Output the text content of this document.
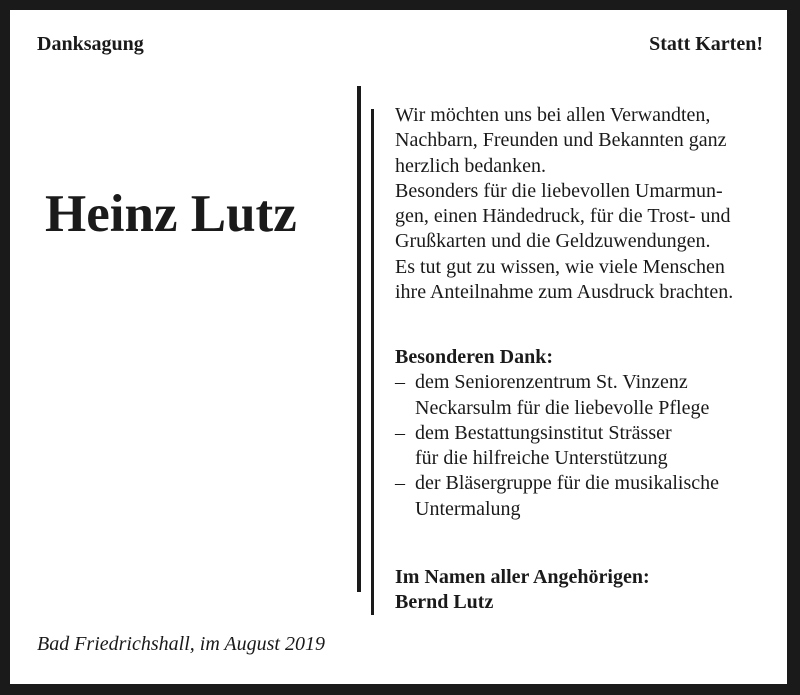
Danksagung	Statt Karten!
Heinz Lutz
Wir möchten uns bei allen Verwandten,
Nachbarn, Freunden und Bekannten ganz
herzlich bedanken.
Besonders für die liebevollen Umarmun-
gen, einen Händedruck, für die Trost- und
Grußkarten und die Geldzuwendungen.
Es tut gut zu wissen, wie viele Menschen
ihre Anteilnahme zum Ausdruck brachten.
Besonderen Dank:
– dem Seniorenzentrum St. Vinzenz
Neckarsulm für die liebevolle Pflege
– dem Bestattungsinstitut Strässer
für die hilfreiche Unterstützung
– der Bläsergruppe für die musikalische
Untermalung
Im Namen aller Angehörigen:
Bernd Lutz
Bad Friedrichshall, im August 2019
